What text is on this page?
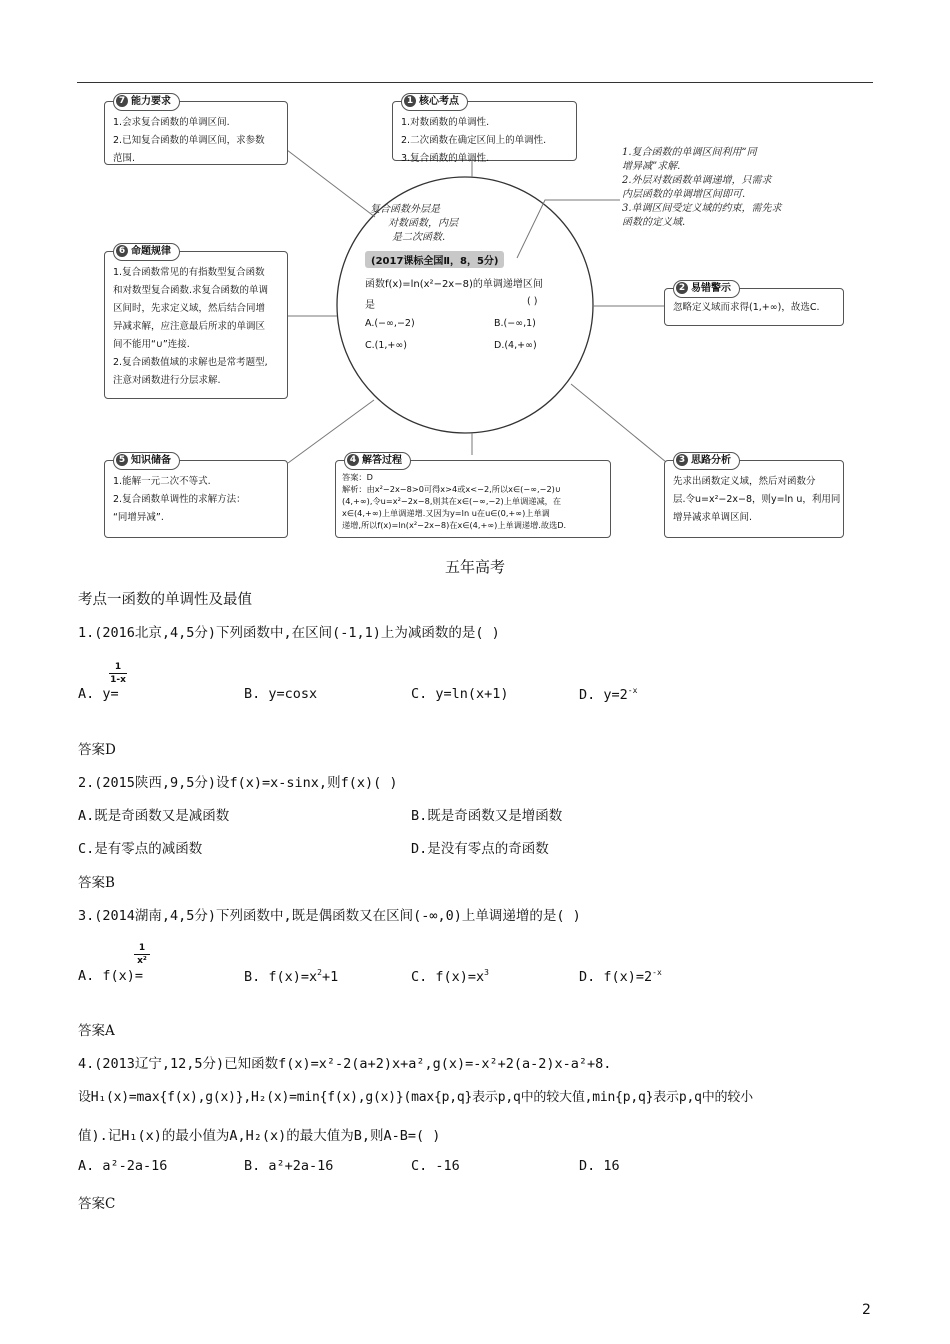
7 能力要求
1.会求复合函数的单调区间.
2.已知复合函数的单调区间，求参数
范围.
1 核心考点
1.对数函数的单调性.
2.二次函数在确定区间上的单调性.
3.复合函数的单调性.
1.复合函数的单调区间利用“同
增异减”求解.
2.外层对数函数单调递增，只需求
内层函数的单调增区间即可.
3.单调区间受定义域的约束，需先求
函数的定义域.
6 命题规律
1.复合函数常见的有指数型复合函数
和对数型复合函数.求复合函数的单调
区间时，先求定义域，然后结合同增
异减求解，应注意最后所求的单调区
间不能用“∪”连接.
2.复合函数值域的求解也是常考题型,
注意对函数进行分层求解.
2 易错警示
忽略定义域而求得(1,+∞)，故选C.
复合函数外层是
对数函数，内层
是二次函数.
(2017课标全国Ⅱ，8，5分)
函数f(x)=ln(x²−2x−8)的单调递增区间
是	( )
A.(−∞,−2)	B.(−∞,1)
C.(1,+∞)	D.(4,+∞)
5 知识储备
1.能解一元二次不等式.
2.复合函数单调性的求解方法：
“同增异减”.
4 解答过程
答案：D
解析：由x²−2x−8>0可得x>4或x<−2,所以x∈(−∞,−2)∪
(4,+∞),令u=x²−2x−8,则其在x∈(−∞,−2)上单调递减，在
x∈(4,+∞)上单调递增.又因为y=ln u在u∈(0,+∞)上单调
递增,所以f(x)=ln(x²−2x−8)在x∈(4,+∞)上单调递增.故选D.
3 思路分析
先求出函数定义域，然后对函数分
层.令u=x²−2x−8，则y=ln u，利用同
增异减求单调区间.
五年高考
考点一函数的单调性及最值
1.(2016北京,4,5分)下列函数中,在区间(-1,1)上为减函数的是( )
1
1-x
A. y=	B. y=cosx	C. y=ln(x+1)	D. $y=2^{-x}$
答案D
2.(2015陕西,9,5分)设f(x)=x-sinx,则f(x)( )
A.既是奇函数又是减函数	B.既是奇函数又是增函数
C.是有零点的减函数	D.是没有零点的奇函数
答案B
3.(2014湖南,4,5分)下列函数中,既是偶函数又在区间(-∞,0)上单调递增的是( )
1
x²
A. f(x)=	B. $f(x)=x^2+1$	C. $f(x)=x^3$	D. $f(x)=2^{-x}$
答案A
4.(2013辽宁,12,5分)已知函数f(x)=x²-2(a+2)x+a²,g(x)=-x²+2(a-2)x-a²+8.
设H₁(x)=max{f(x),g(x)},H₂(x)=min{f(x),g(x)}(max{p,q}表示p,q中的较大值,min{p,q}表示p,q中的较小
值).记H₁(x)的最小值为A,H₂(x)的最大值为B,则A-B=( )
A. a²-2a-16	B. a²+2a-16	C. -16	D. 16
答案C
2
